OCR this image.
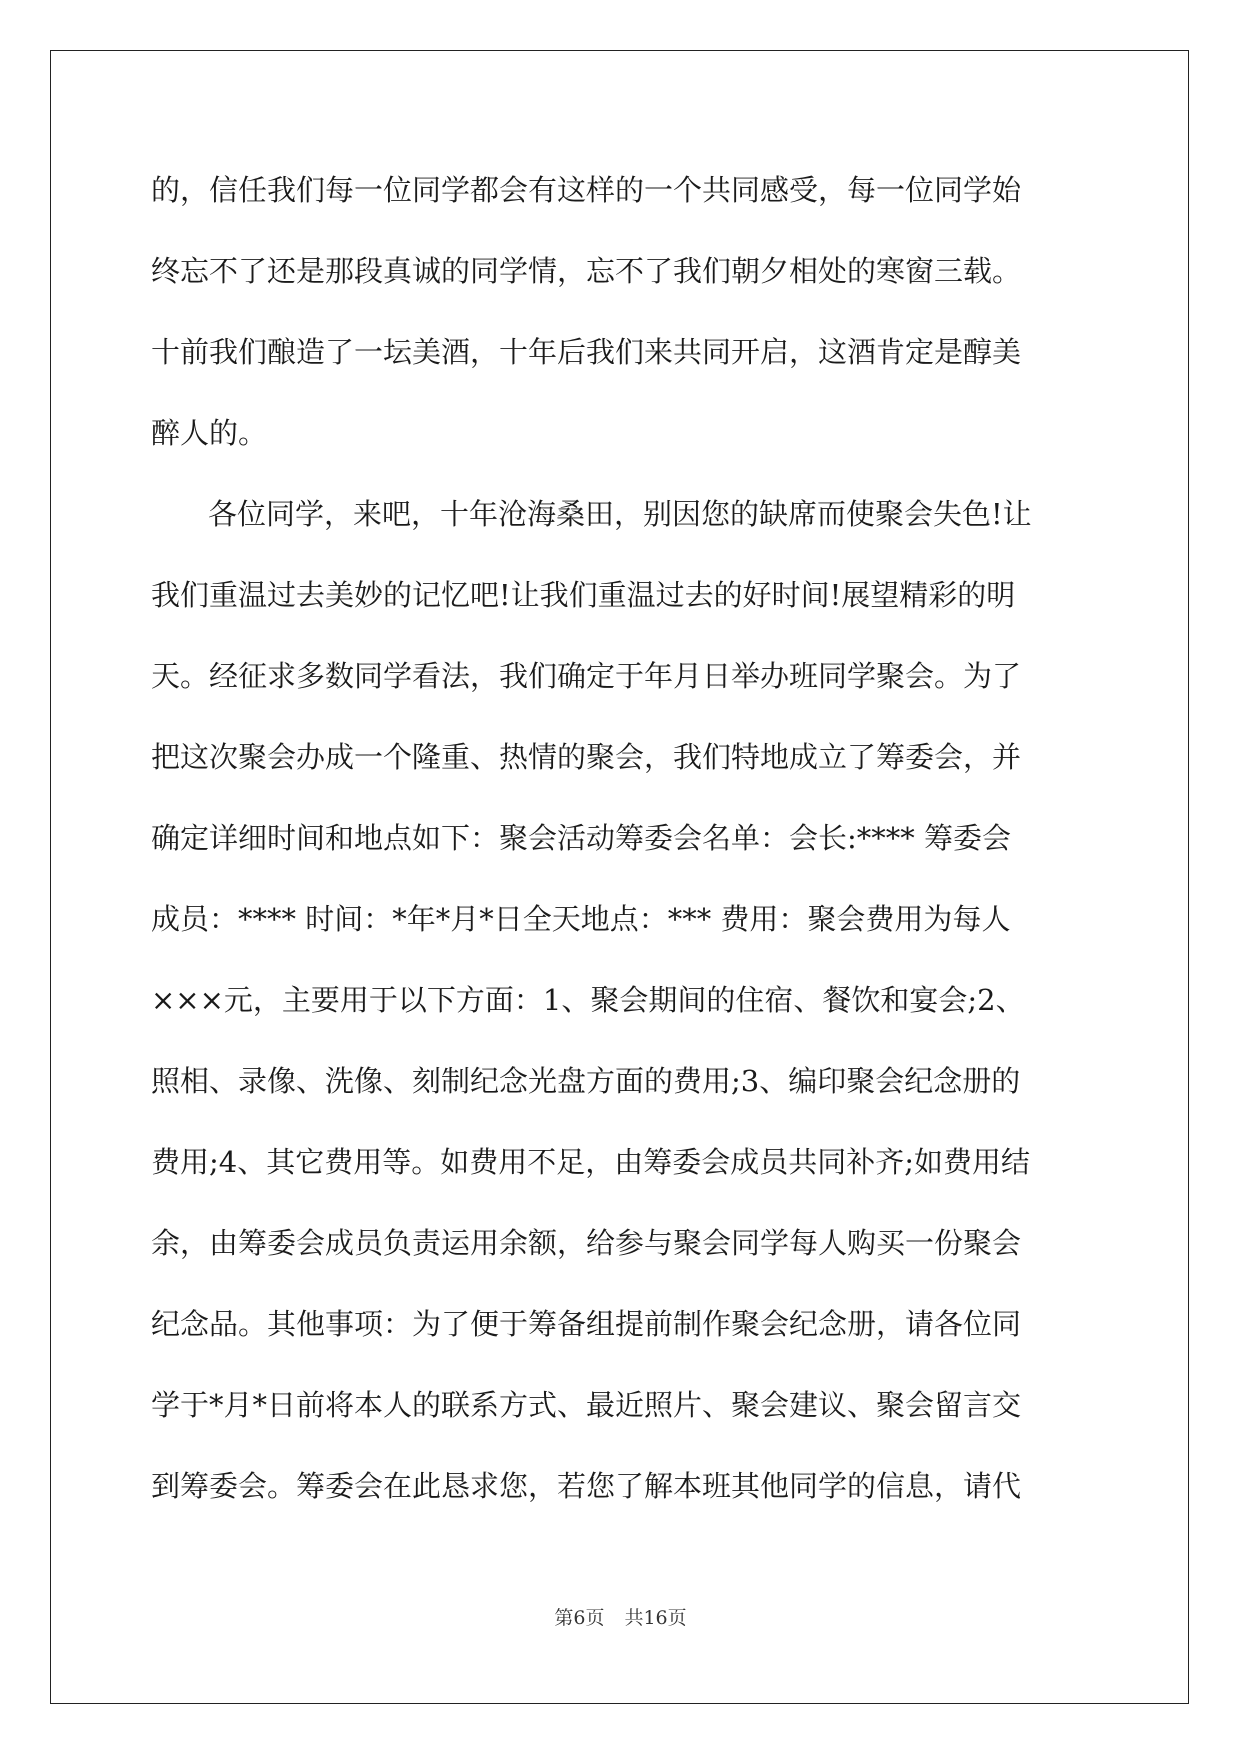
的，信任我们每一位同学都会有这样的一个共同感受，每一位同学始
终忘不了还是那段真诚的同学情，忘不了我们朝夕相处的寒窗三载。
十前我们酿造了一坛美酒，十年后我们来共同开启，这酒肯定是醇美
醉人的。
各位同学，来吧，十年沧海桑田，别因您的缺席而使聚会失色!让
我们重温过去美妙的记忆吧!让我们重温过去的好时间!展望精彩的明
天。经征求多数同学看法，我们确定于年月日举办班同学聚会。为了
把这次聚会办成一个隆重、热情的聚会，我们特地成立了筹委会，并
确定详细时间和地点如下：聚会活动筹委会名单：会长:**** 筹委会
成员：**** 时间：*年*月*日全天地点：*** 费用：聚会费用为每人
×××元，主要用于以下方面：1、聚会期间的住宿、餐饮和宴会;2、
照相、录像、洗像、刻制纪念光盘方面的费用;3、编印聚会纪念册的
费用;4、其它费用等。如费用不足，由筹委会成员共同补齐;如费用结
余，由筹委会成员负责运用余额，给参与聚会同学每人购买一份聚会
纪念品。其他事项：为了便于筹备组提前制作聚会纪念册，请各位同
学于*月*日前将本人的联系方式、最近照片、聚会建议、聚会留言交
到筹委会。筹委会在此恳求您，若您了解本班其他同学的信息，请代
第6页 共16页
